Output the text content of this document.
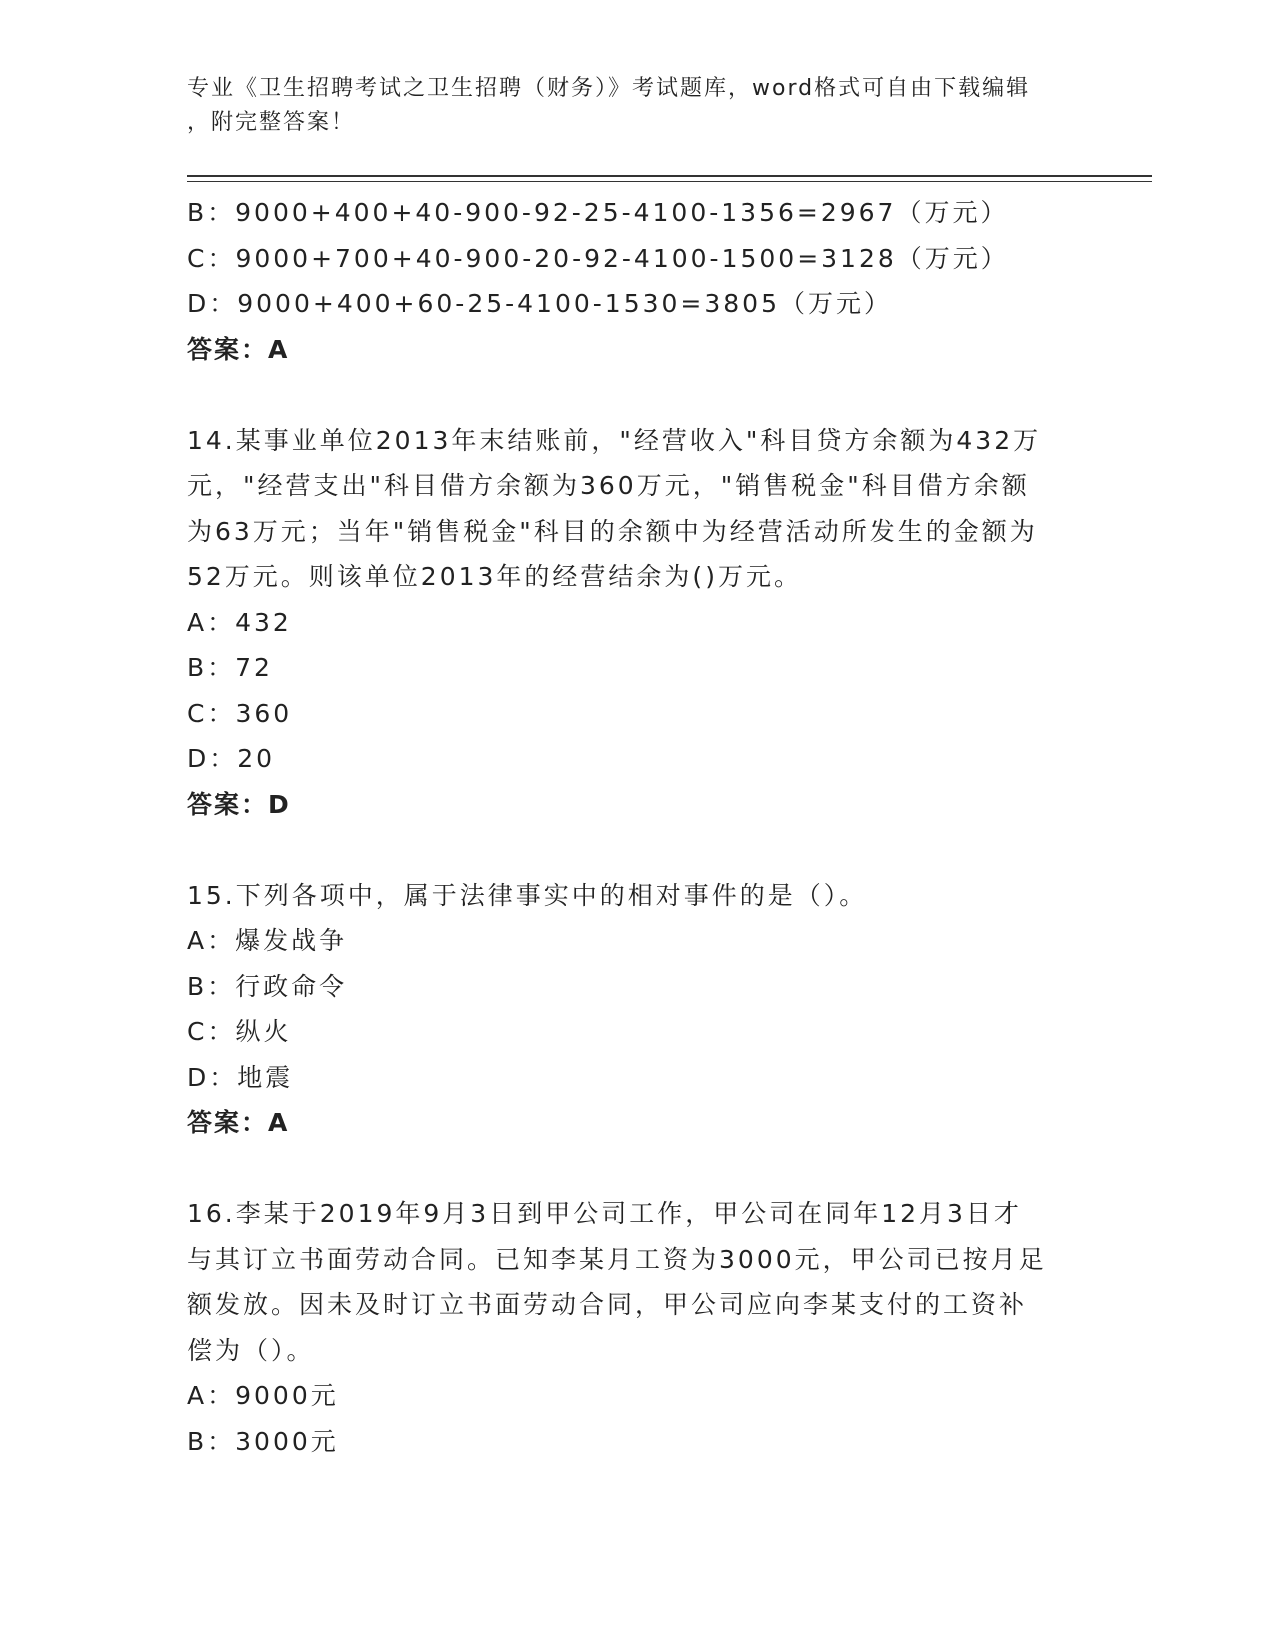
专业《卫生招聘考试之卫生招聘（财务）》考试题库，word格式可自由下载编辑
，附完整答案！
B：9000+400+40-900-92-25-4100-1356=2967（万元）
C：9000+700+40-900-20-92-4100-1500=3128（万元）
D：9000+400+60-25-4100-1530=3805（万元）
答案：A
14.某事业单位2013年末结账前，"经营收入"科目贷方余额为432万
元，"经营支出"科目借方余额为360万元，"销售税金"科目借方余额
为63万元；当年"销售税金"科目的余额中为经营活动所发生的金额为
52万元。则该单位2013年的经营结余为()万元。
A：432
B：72
C：360
D：20
答案：D
15.下列各项中，属于法律事实中的相对事件的是（）。
A：爆发战争
B：行政命令
C：纵火
D：地震
答案：A
16.李某于2019年9月3日到甲公司工作，甲公司在同年12月3日才
与其订立书面劳动合同。已知李某月工资为3000元，甲公司已按月足
额发放。因未及时订立书面劳动合同，甲公司应向李某支付的工资补
偿为（）。
A：9000元
B：3000元
